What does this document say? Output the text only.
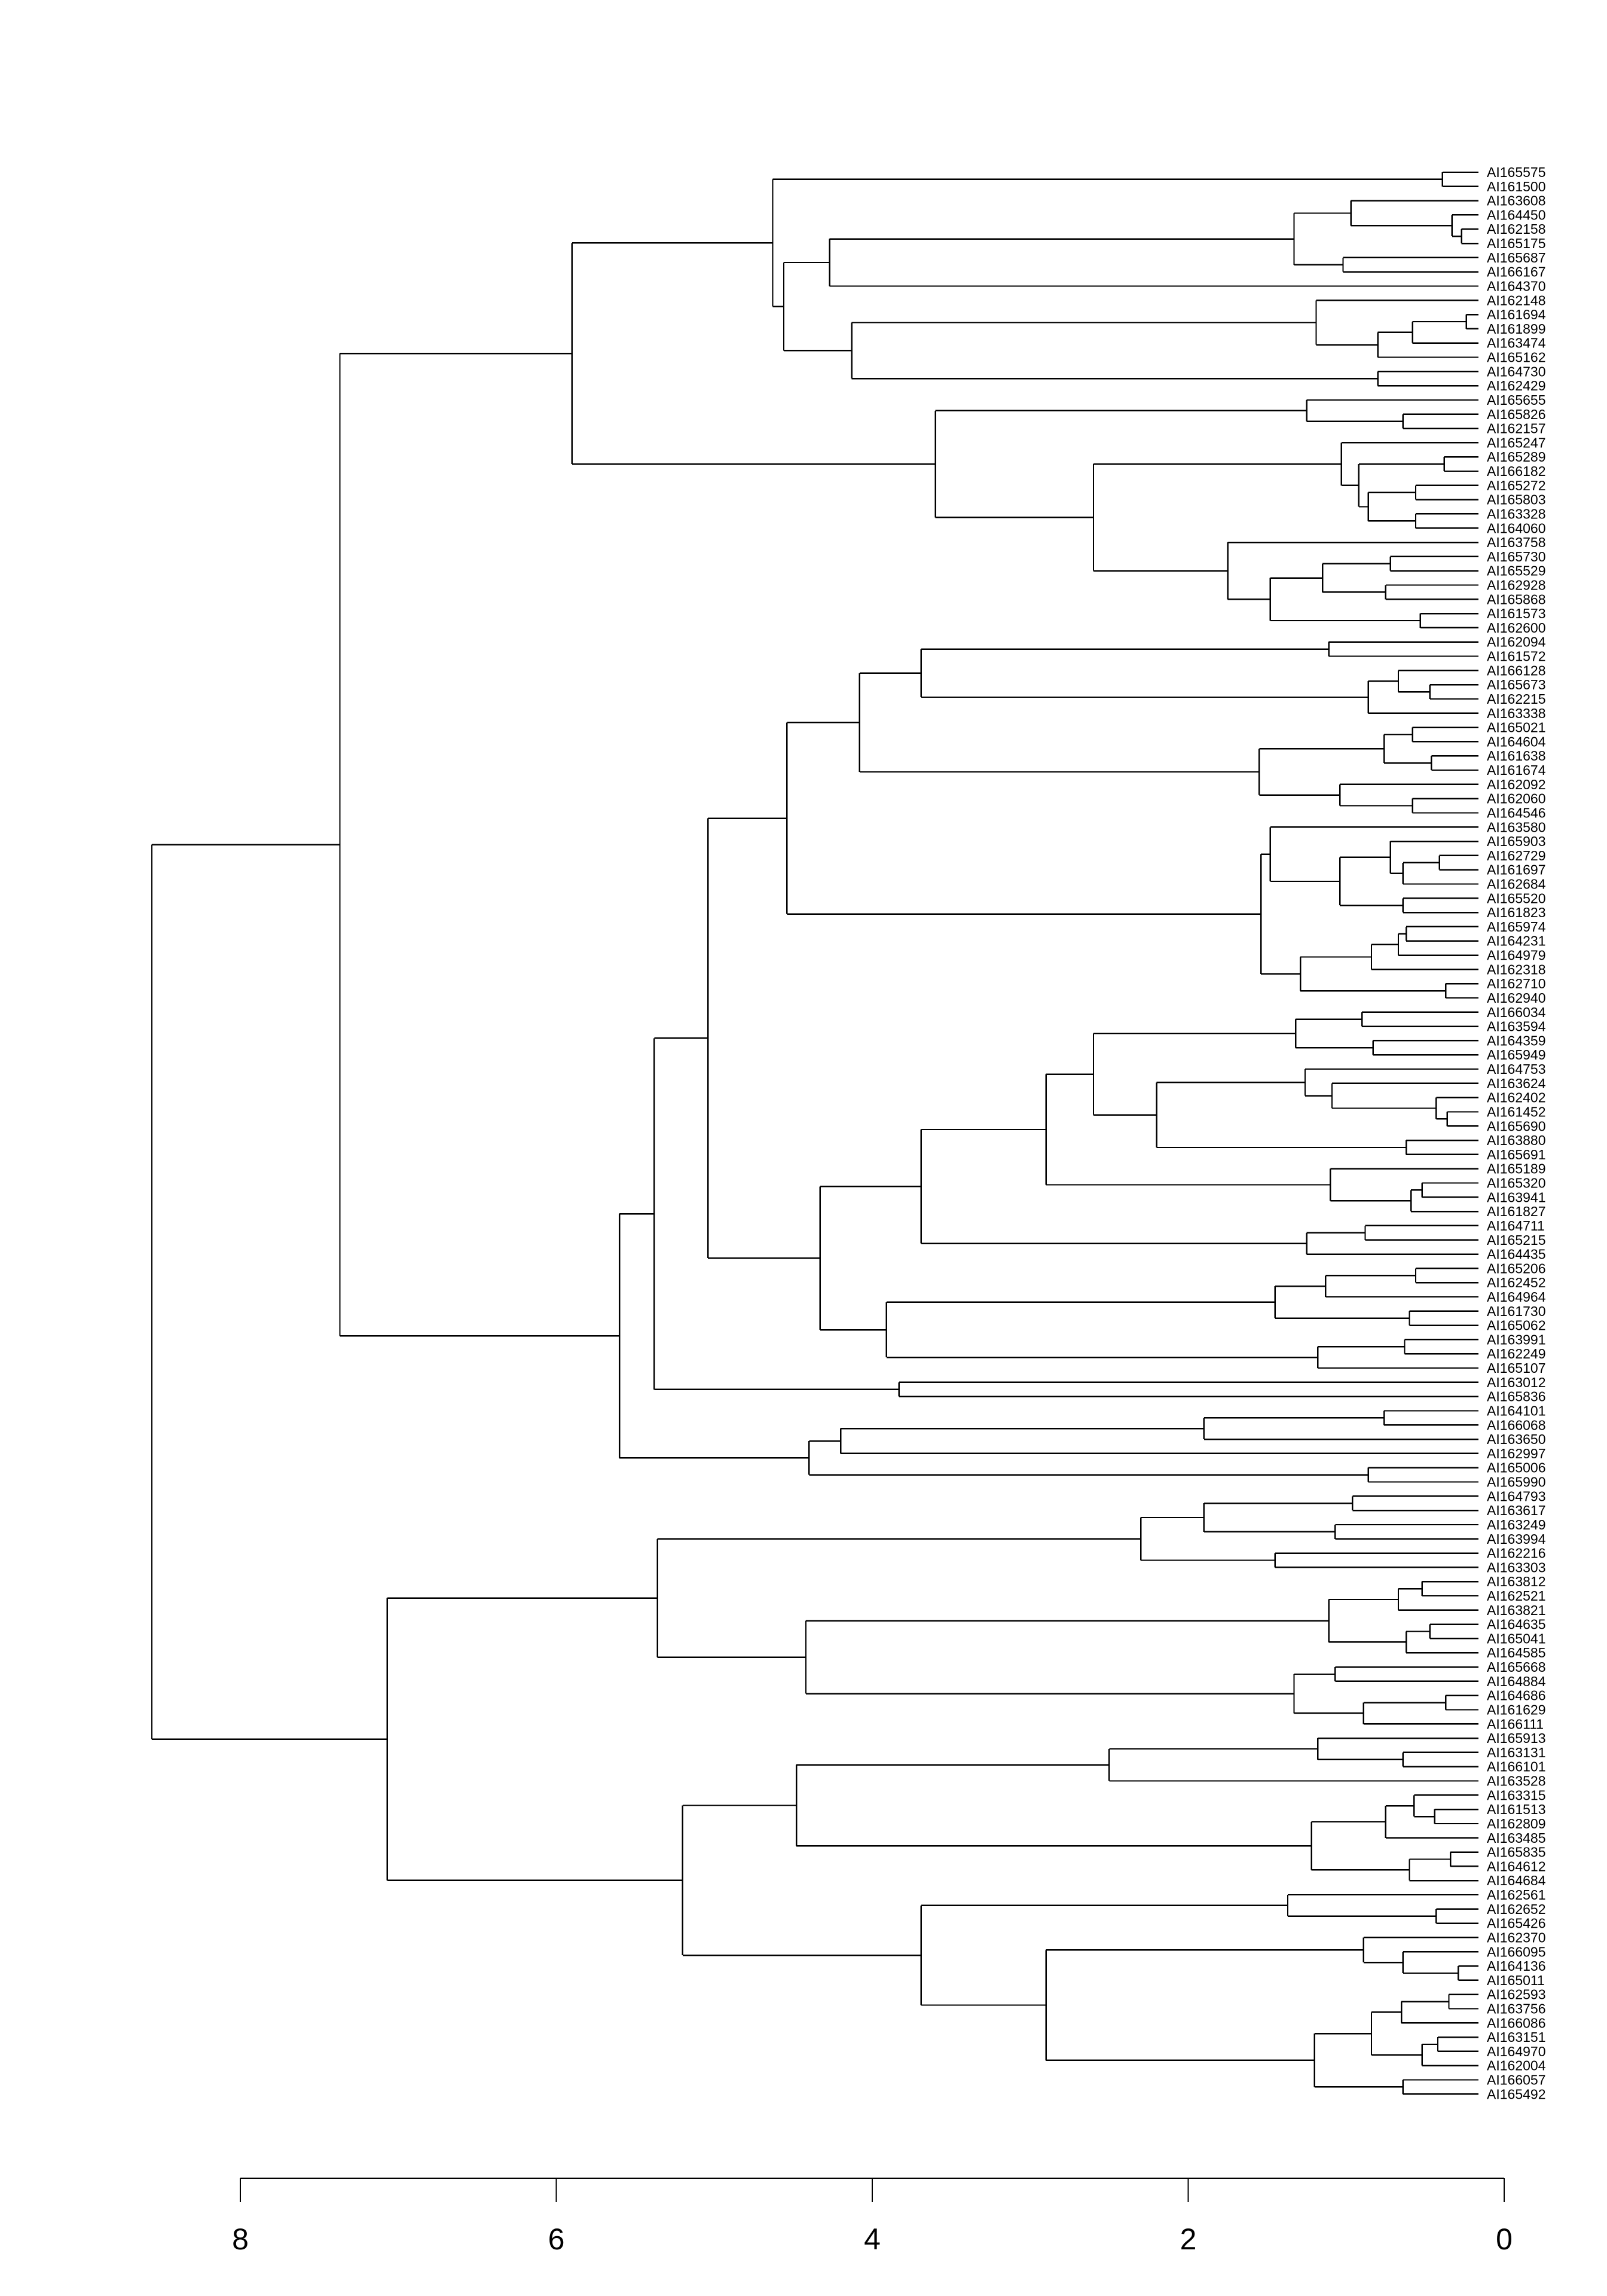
AI165575
AI161500
AI163608
AI164450
AI162158
AI165175
AI165687
AI166167
AI164370
AI162148
AI161694
AI161899
AI163474
AI165162
AI164730
AI162429
AI165655
AI165826
AI162157
AI165247
AI165289
AI166182
AI165272
AI165803
AI163328
AI164060
AI163758
AI165730
AI165529
AI162928
AI165868
AI161573
AI162600
AI162094
AI161572
AI166128
AI165673
AI162215
AI163338
AI165021
AI164604
AI161638
AI161674
AI162092
AI162060
AI164546
AI163580
AI165903
AI162729
AI161697
AI162684
AI165520
AI161823
AI165974
AI164231
AI164979
AI162318
AI162710
AI162940
AI166034
AI163594
AI164359
AI165949
AI164753
AI163624
AI162402
AI161452
AI165690
AI163880
AI165691
AI165189
AI165320
AI163941
AI161827
AI164711
AI165215
AI164435
AI165206
AI162452
AI164964
AI161730
AI165062
AI163991
AI162249
AI165107
AI163012
AI165836
AI164101
AI166068
AI163650
AI162997
AI165006
AI165990
AI164793
AI163617
AI163249
AI163994
AI162216
AI163303
AI163812
AI162521
AI163821
AI164635
AI165041
AI164585
AI165668
AI164884
AI164686
AI161629
AI166111
AI165913
AI163131
AI166101
AI163528
AI163315
AI161513
AI162809
AI163485
AI165835
AI164612
AI164684
AI162561
AI162652
AI165426
AI162370
AI166095
AI164136
AI165011
AI162593
AI163756
AI166086
AI163151
AI164970
AI162004
AI166057
AI165492
8	6	4	2	0
